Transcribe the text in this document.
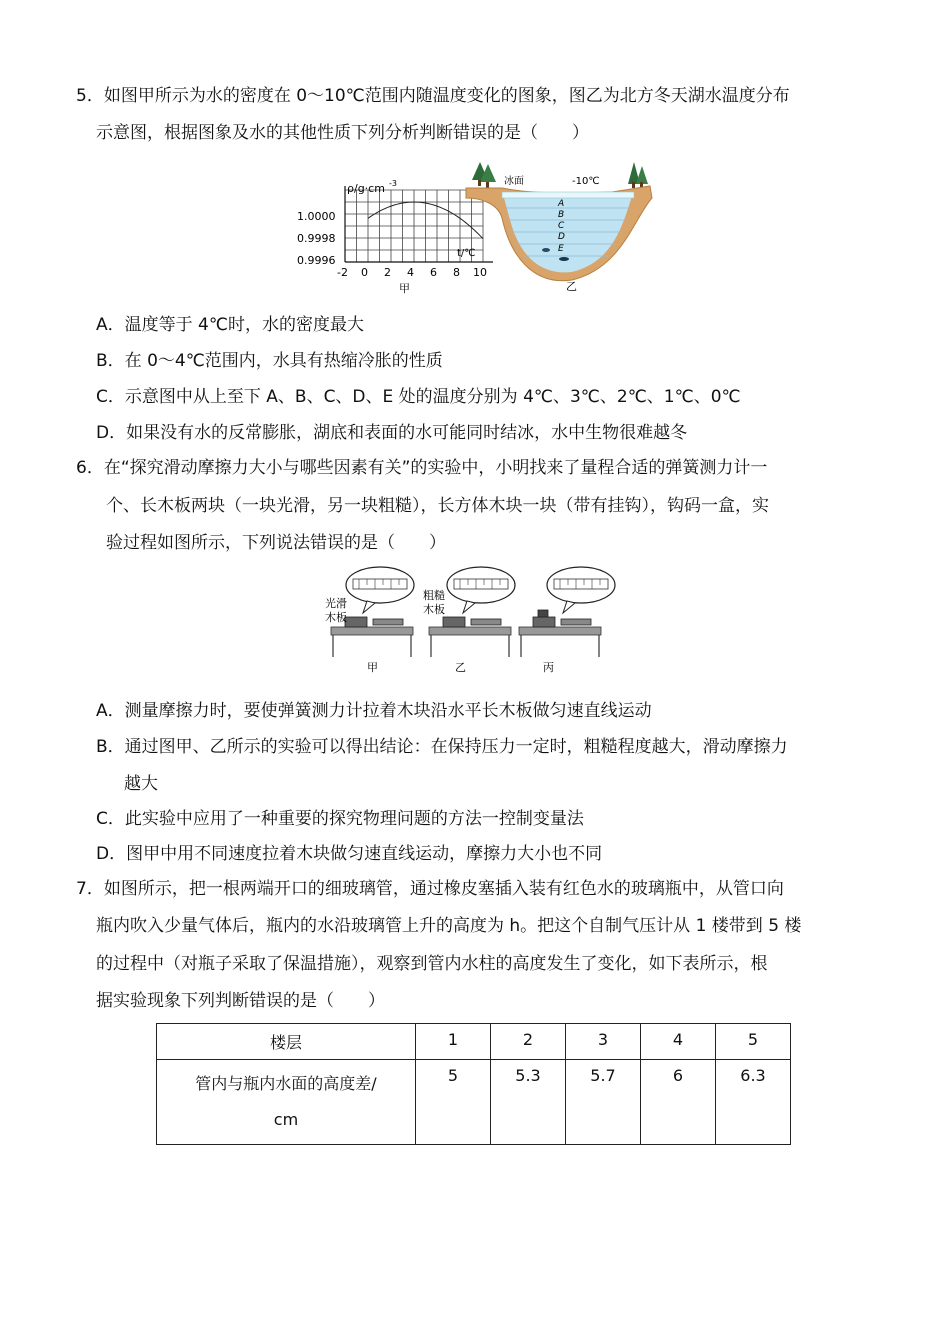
5．如图甲所示为水的密度在 0～10℃范围内随温度变化的图象，图乙为北方冬天湖水温度分布
示意图，根据图象及水的其他性质下列分析判断错误的是（　　）
ρ/g·cm -3
1.0000
0.9998
0.9996
-2 0 2 4 6 8 10
t/℃
甲
冰面	-10℃
A
B
C
D
E
乙
A．温度等于 4℃时，水的密度最大
B．在 0～4℃范围内，水具有热缩冷胀的性质
C．示意图中从上至下 A、B、C、D、E 处的温度分别为 4℃、3℃、2℃、1℃、0℃
D．如果没有水的反常膨胀，湖底和表面的水可能同时结冰，水中生物很难越冬
6．在“探究滑动摩擦力大小与哪些因素有关”的实验中，小明找来了量程合适的弹簧测力计一
个、长木板两块（一块光滑，另一块粗糙），长方体木块一块（带有挂钩），钩码一盒，实
验过程如图所示，下列说法错误的是（　　）
光滑
木板
粗糙
木板
甲	乙	丙
A．测量摩擦力时，要使弹簧测力计拉着木块沿水平长木板做匀速直线运动
B．通过图甲、乙所示的实验可以得出结论：在保持压力一定时，粗糙程度越大，滑动摩擦力
越大
C．此实验中应用了一种重要的探究物理问题的方法一控制变量法
D．图甲中用不同速度拉着木块做匀速直线运动，摩擦力大小也不同
7．如图所示，把一根两端开口的细玻璃管，通过橡皮塞插入装有红色水的玻璃瓶中，从管口向
瓶内吹入少量气体后，瓶内的水沿玻璃管上升的高度为 h。把这个自制气压计从 1 楼带到 5 楼
的过程中（对瓶子采取了保温措施），观察到管内水柱的高度发生了变化，如下表所示，根
据实验现象下列判断错误的是（　　）
楼层	1	2	3	4	5

管内与瓶内水面的高度差/
cm	5	5.3	5.7	6	6.3
